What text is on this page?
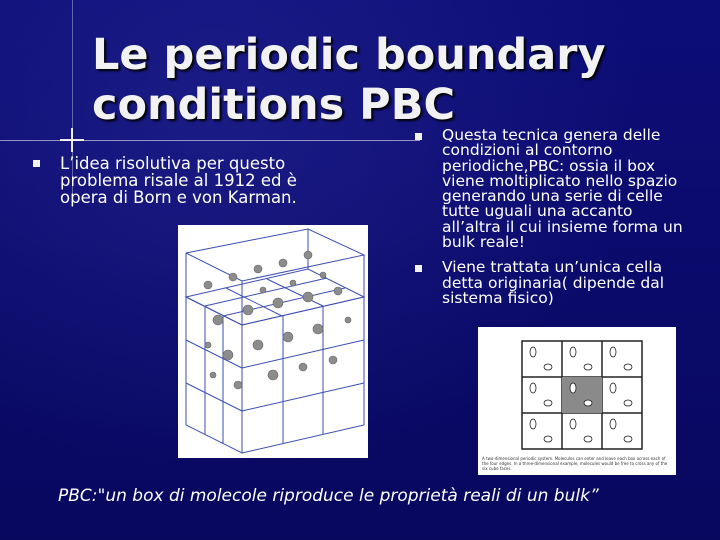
Le periodic boundary conditions PBC
L’idea risolutiva per questo
problema risale al 1912 ed è
opera di Born e von Karman.
Questa tecnica genera delle
condizioni al contorno
periodiche,PBC: ossia il box
viene moltiplicato nello spazio
generando una serie di celle
tutte uguali una accanto
all’altra il cui insieme forma un
bulk reale!
Viene trattata un’unica cella
detta originaria( dipende dal
sistema fisico)
A two-dimensional periodic system. Molecules can enter and leave each box across each of the four edges. In a three-dimensional example, molecules would be free to cross any of the six cube faces.
PBC:"un box di molecole riproduce le proprietà reali di un bulk”
